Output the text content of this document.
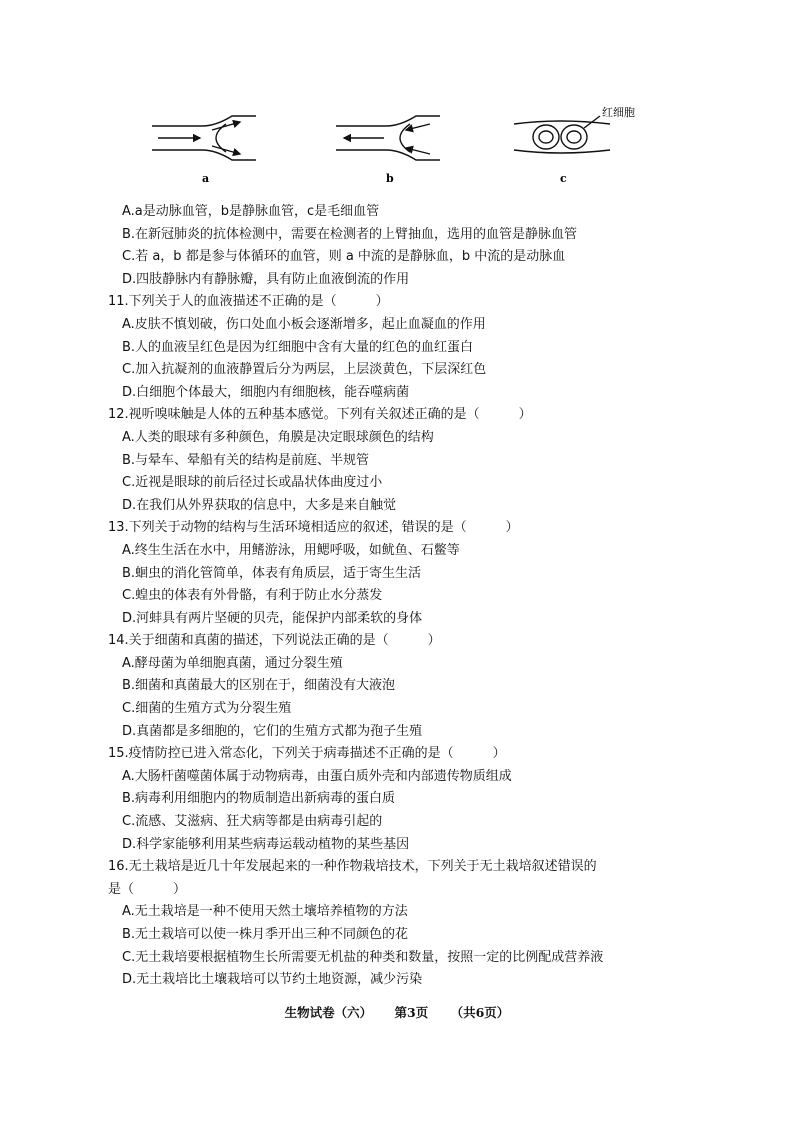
a	b
红细胞
c
A.a是动脉血管，b是静脉血管，c是毛细血管
B.在新冠肺炎的抗体检测中，需要在检测者的上臂抽血，选用的血管是静脉血管
C.若 a，b 都是参与体循环的血管，则 a 中流的是静脉血，b 中流的是动脉血
D.四肢静脉内有静脉瓣，具有防止血液倒流的作用
11.下列关于人的血液描述不正确的是（　　　）
A.皮肤不慎划破，伤口处血小板会逐渐增多，起止血凝血的作用
B.人的血液呈红色是因为红细胞中含有大量的红色的血红蛋白
C.加入抗凝剂的血液静置后分为两层，上层淡黄色，下层深红色
D.白细胞个体最大，细胞内有细胞核，能吞噬病菌
12.视听嗅味触是人体的五种基本感觉。下列有关叙述正确的是（　　　）
A.人类的眼球有多种颜色，角膜是决定眼球颜色的结构
B.与晕车、晕船有关的结构是前庭、半规管
C.近视是眼球的前后径过长或晶状体曲度过小
D.在我们从外界获取的信息中，大多是来自触觉
13.下列关于动物的结构与生活环境相适应的叙述，错误的是（　　　）
A.终生生活在水中，用鳍游泳，用鳃呼吸，如鱿鱼、石鳖等
B.蛔虫的消化管简单，体表有角质层，适于寄生生活
C.蝗虫的体表有外骨骼，有利于防止水分蒸发
D.河蚌具有两片坚硬的贝壳，能保护内部柔软的身体
14.关于细菌和真菌的描述，下列说法正确的是（　　　）
A.酵母菌为单细胞真菌，通过分裂生殖
B.细菌和真菌最大的区别在于，细菌没有大液泡
C.细菌的生殖方式为分裂生殖
D.真菌都是多细胞的，它们的生殖方式都为孢子生殖
15.疫情防控已进入常态化，下列关于病毒描述不正确的是（　　　）
A.大肠杆菌噬菌体属于动物病毒，由蛋白质外壳和内部遗传物质组成
B.病毒利用细胞内的物质制造出新病毒的蛋白质
C.流感、艾滋病、狂犬病等都是由病毒引起的
D.科学家能够利用某些病毒运载动植物的某些基因
16.无土栽培是近几十年发展起来的一种作物栽培技术，下列关于无土栽培叙述错误的
是（　　　）
A.无土栽培是一种不使用天然土壤培养植物的方法
B.无土栽培可以使一株月季开出三种不同颜色的花
C.无土栽培要根据植物生长所需要无机盐的种类和数量，按照一定的比例配成营养液
D.无土栽培比土壤栽培可以节约土地资源，减少污染
生物试卷（六） 第3页 （共6页）
